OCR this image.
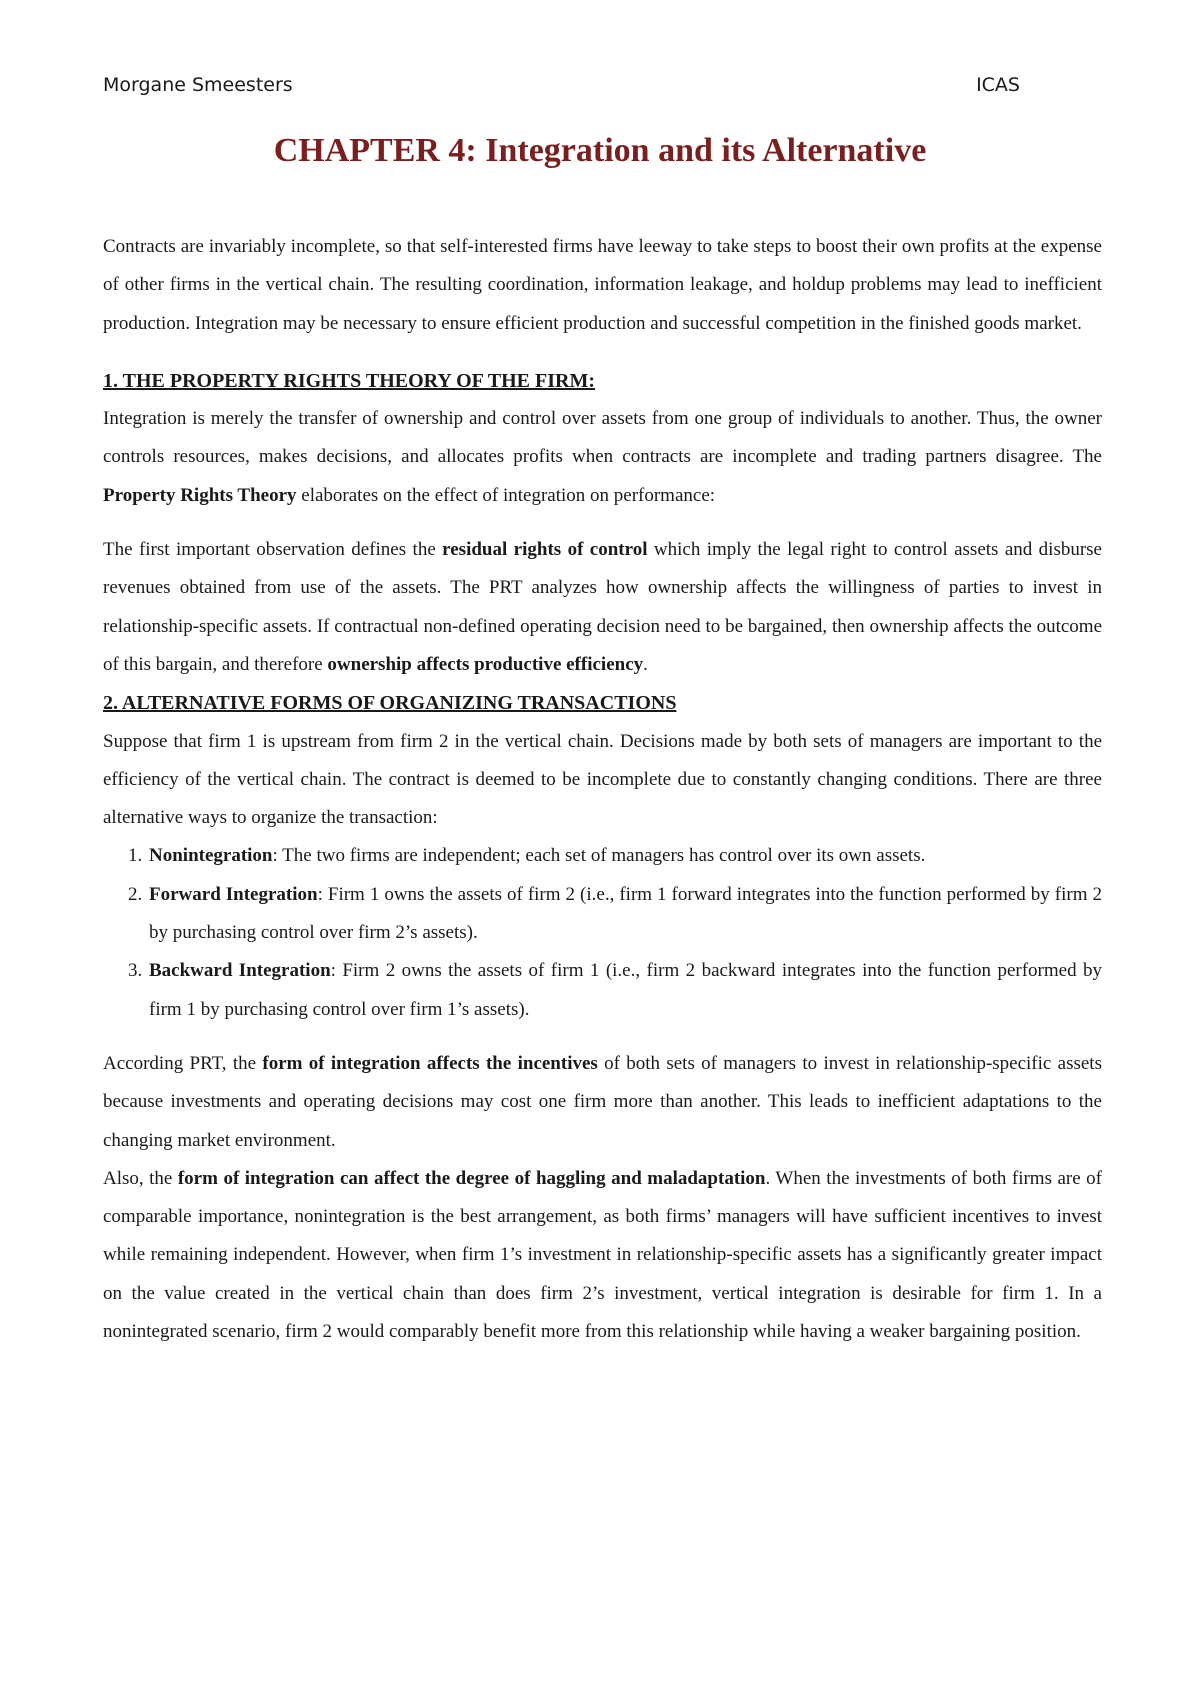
Morgane Smeesters	ICAS
CHAPTER 4: Integration and its Alternative

Contracts are invariably incomplete, so that self-interested firms have leeway to take steps to boost their own profits at the expense of other firms in the vertical chain. The resulting coordination, information leakage, and holdup problems may lead to inefficient production. Integration may be necessary to ensure efficient production and successful competition in the finished goods market.

1. THE PROPERTY RIGHTS THEORY OF THE FIRM:

Integration is merely the transfer of ownership and control over assets from one group of individuals to another. Thus, the owner controls resources, makes decisions, and allocates profits when contracts are incomplete and trading partners disagree. The Property Rights Theory elaborates on the effect of integration on performance:

The first important observation defines the residual rights of control which imply the legal right to control assets and disburse revenues obtained from use of the assets. The PRT analyzes how ownership affects the willingness of parties to invest in relationship-specific assets. If contractual non-defined operating decision need to be bargained, then ownership affects the outcome of this bargain, and therefore ownership affects productive efficiency.

2. ALTERNATIVE FORMS OF ORGANIZING TRANSACTIONS

Suppose that firm 1 is upstream from firm 2 in the vertical chain. Decisions made by both sets of managers are important to the efficiency of the vertical chain. The contract is deemed to be incomplete due to constantly changing conditions. There are three alternative ways to organize the transaction:

1. Nonintegration: The two firms are independent; each set of managers has control over its own assets.
2. Forward Integration: Firm 1 owns the assets of firm 2 (i.e., firm 1 forward integrates into the function performed by firm 2 by purchasing control over firm 2’s assets).
3. Backward Integration: Firm 2 owns the assets of firm 1 (i.e., firm 2 backward integrates into the function performed by firm 1 by purchasing control over firm 1’s assets).

According PRT, the form of integration affects the incentives of both sets of managers to invest in relationship-specific assets because investments and operating decisions may cost one firm more than another. This leads to inefficient adaptations to the changing market environment.

Also, the form of integration can affect the degree of haggling and maladaptation. When the investments of both firms are of comparable importance, nonintegration is the best arrangement, as both firms’ managers will have sufficient incentives to invest while remaining independent. However, when firm 1’s investment in relationship-specific assets has a significantly greater impact on the value created in the vertical chain than does firm 2’s investment, vertical integration is desirable for firm 1. In a nonintegrated scenario, firm 2 would comparably benefit more from this relationship while having a weaker bargaining position.
